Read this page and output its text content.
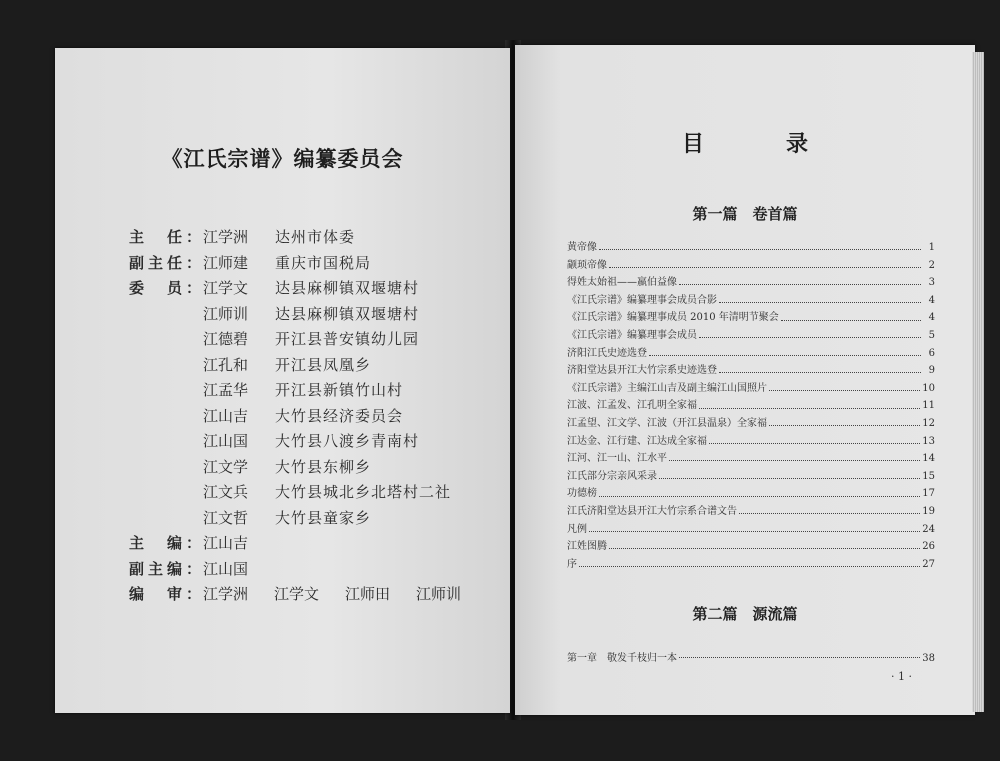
《江氏宗谱》编纂委员会
主　任： 江学洲	达州市体委
副主任： 江师建	重庆市国税局
委　员： 江学文	达县麻柳镇双堰塘村
江师训	达县麻柳镇双堰塘村
江德碧	开江县普安镇幼儿园
江孔和	开江县凤凰乡
江孟华	开江县新镇竹山村
江山吉	大竹县经济委员会
江山国	大竹县八渡乡青南村
江文学	大竹县东柳乡
江文兵	大竹县城北乡北塔村二社
江文哲	大竹县童家乡
主　编： 江山吉
副主编： 江山国
编　审： 江学洲 江学文 江师田 江师训
目　录
第一篇　卷首篇
黄帝像	1
颛顼帝像	2
得姓太始祖——嬴伯益像	3
《江氏宗谱》编纂理事会成员合影	4
《江氏宗谱》编纂理事成员 2010 年清明节聚会	4
《江氏宗谱》编纂理事会成员	5
济阳江氏史迹选登	6
济阳堂达县开江大竹宗系史迹选登	9
《江氏宗谱》主编江山吉及副主编江山国照片	10
江波、江孟发、江孔明全家福	11
江孟望、江文学、江波（开江县温泉）全家福	12
江达金、江行建、江达成全家福	13
江河、江一山、江水平	14
江氏部分宗亲风采录	15
功德榜	17
江氏济阳堂达县开江大竹宗系合谱文告	19
凡例	24
江姓图腾	26
序	27
第二篇　源流篇
第一章　敬发千枝归一本	38
· 1 ·
